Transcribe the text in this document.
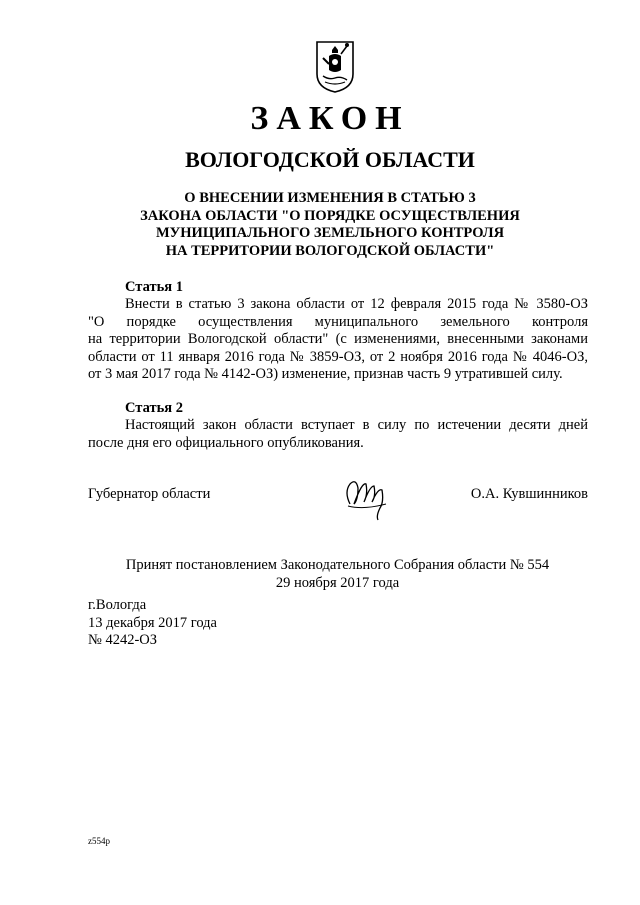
ЗАКОН
ВОЛОГОДСКОЙ ОБЛАСТИ
О ВНЕСЕНИИ ИЗМЕНЕНИЯ В СТАТЬЮ 3
ЗАКОНА ОБЛАСТИ "О ПОРЯДКЕ ОСУЩЕСТВЛЕНИЯ
МУНИЦИПАЛЬНОГО ЗЕМЕЛЬНОГО КОНТРОЛЯ
НА ТЕРРИТОРИИ ВОЛОГОДСКОЙ ОБЛАСТИ"
Статья 1
Внести в статью 3 закона области от 12 февраля 2015 года № 3580-ОЗ
"О порядке осуществления муниципального земельного контроля
на территории Вологодской области" (с изменениями, внесенными законами
области от 11 января 2016 года № 3859-ОЗ, от 2 ноября 2016 года № 4046-ОЗ,
от 3 мая 2017 года № 4142-ОЗ) изменение, признав часть 9 утратившей силу.
Статья 2
Настоящий закон области вступает в силу по истечении десяти дней
после дня его официального опубликования.
Губернатор области	О.А. Кувшинников
Принят постановлением Законодательного Собрания области № 554
29 ноября 2017 года
г.Вологда
13 декабря 2017 года
№ 4242-ОЗ
z554p
